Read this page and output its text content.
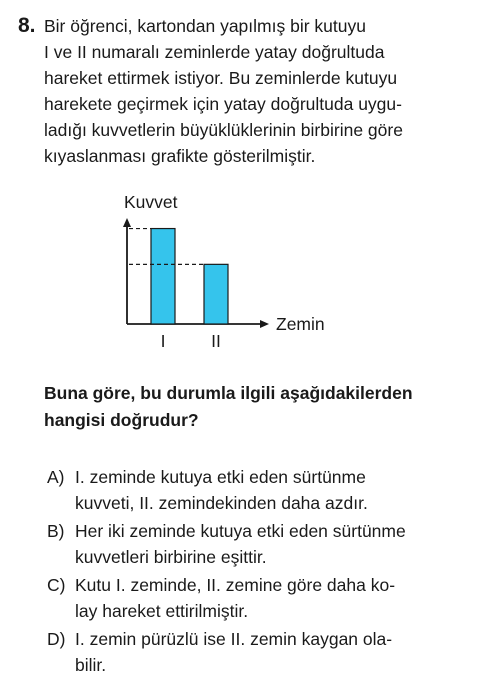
8. Bir öğrenci, kartondan yapılmış bir kutuyu
I ve II numaralı zeminlerde yatay doğrultuda
hareket ettirmek istiyor. Bu zeminlerde kutuyu
harekete geçirmek için yatay doğrultuda uygu-
ladığı kuvvetlerin büyüklüklerinin birbirine göre
kıyaslanması grafikte gösterilmiştir.
Kuvvet
Zemin
I	II
Buna göre, bu durumla ilgili aşağıdakilerden
hangisi doğrudur?
A) I. zeminde kutuya etki eden sürtünme
kuvveti, II. zemindekinden daha azdır.
B) Her iki zeminde kutuya etki eden sürtünme
kuvvetleri birbirine eşittir.
C) Kutu I. zeminde, II. zemine göre daha ko-
lay hareket ettirilmiştir.
D) I. zemin pürüzlü ise II. zemin kaygan ola-
bilir.
